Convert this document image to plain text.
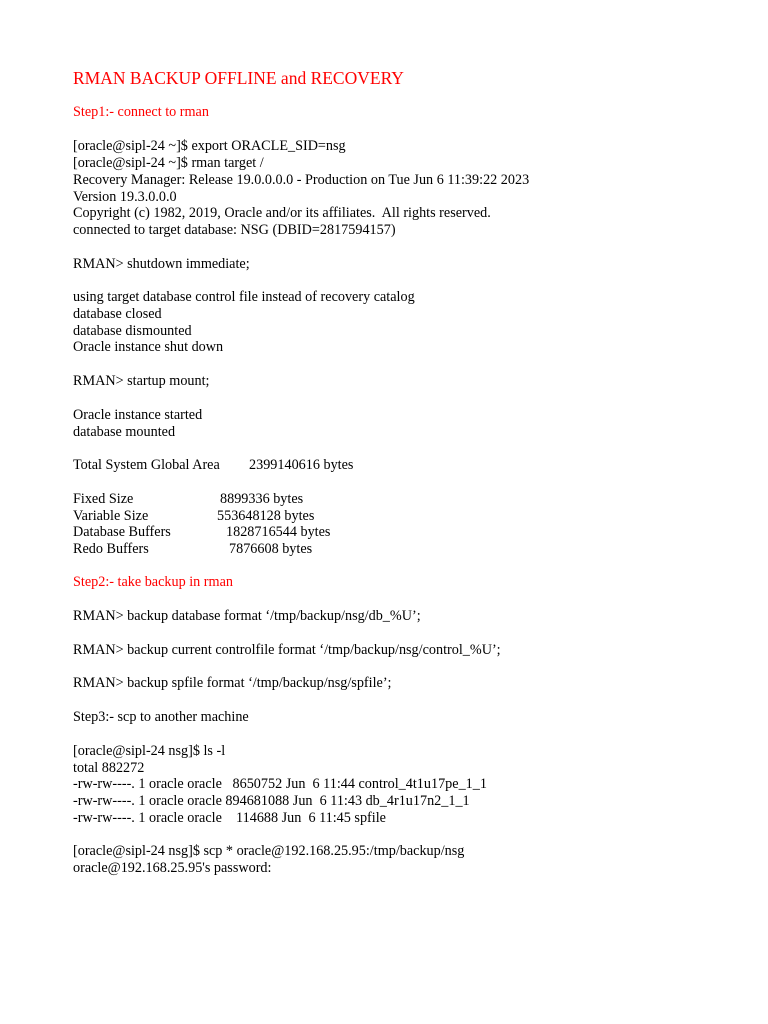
RMAN BACKUP OFFLINE and RECOVERY
Step1:- connect to rman
[oracle@sipl-24 ~]$ export ORACLE_SID=nsg
[oracle@sipl-24 ~]$ rman target /
Recovery Manager: Release 19.0.0.0.0 - Production on Tue Jun 6 11:39:22 2023
Version 19.3.0.0.0
Copyright (c) 1982, 2019, Oracle and/or its affiliates.  All rights reserved.
connected to target database: NSG (DBID=2817594157)
RMAN> shutdown immediate;
using target database control file instead of recovery catalog
database closed
database dismounted
Oracle instance shut down
RMAN> startup mount;
Oracle instance started
database mounted
Total System Global Area 2399140616 bytes
Fixed Size	8899336 bytes
Variable Size	553648128 bytes
Database Buffers	1828716544 bytes
Redo Buffers	7876608 bytes
Step2:- take backup in rman
RMAN> backup database format ‘/tmp/backup/nsg/db_%U’;
RMAN> backup current controlfile format ‘/tmp/backup/nsg/control_%U’;
RMAN> backup spfile format ‘/tmp/backup/nsg/spfile’;
Step3:- scp to another machine
[oracle@sipl-24 nsg]$ ls -l
total 882272
-rw-rw----. 1 oracle oracle   8650752 Jun  6 11:44 control_4t1u17pe_1_1
-rw-rw----. 1 oracle oracle 894681088 Jun  6 11:43 db_4r1u17n2_1_1
-rw-rw----. 1 oracle oracle    114688 Jun  6 11:45 spfile
[oracle@sipl-24 nsg]$ scp * oracle@192.168.25.95:/tmp/backup/nsg
oracle@192.168.25.95's password:
